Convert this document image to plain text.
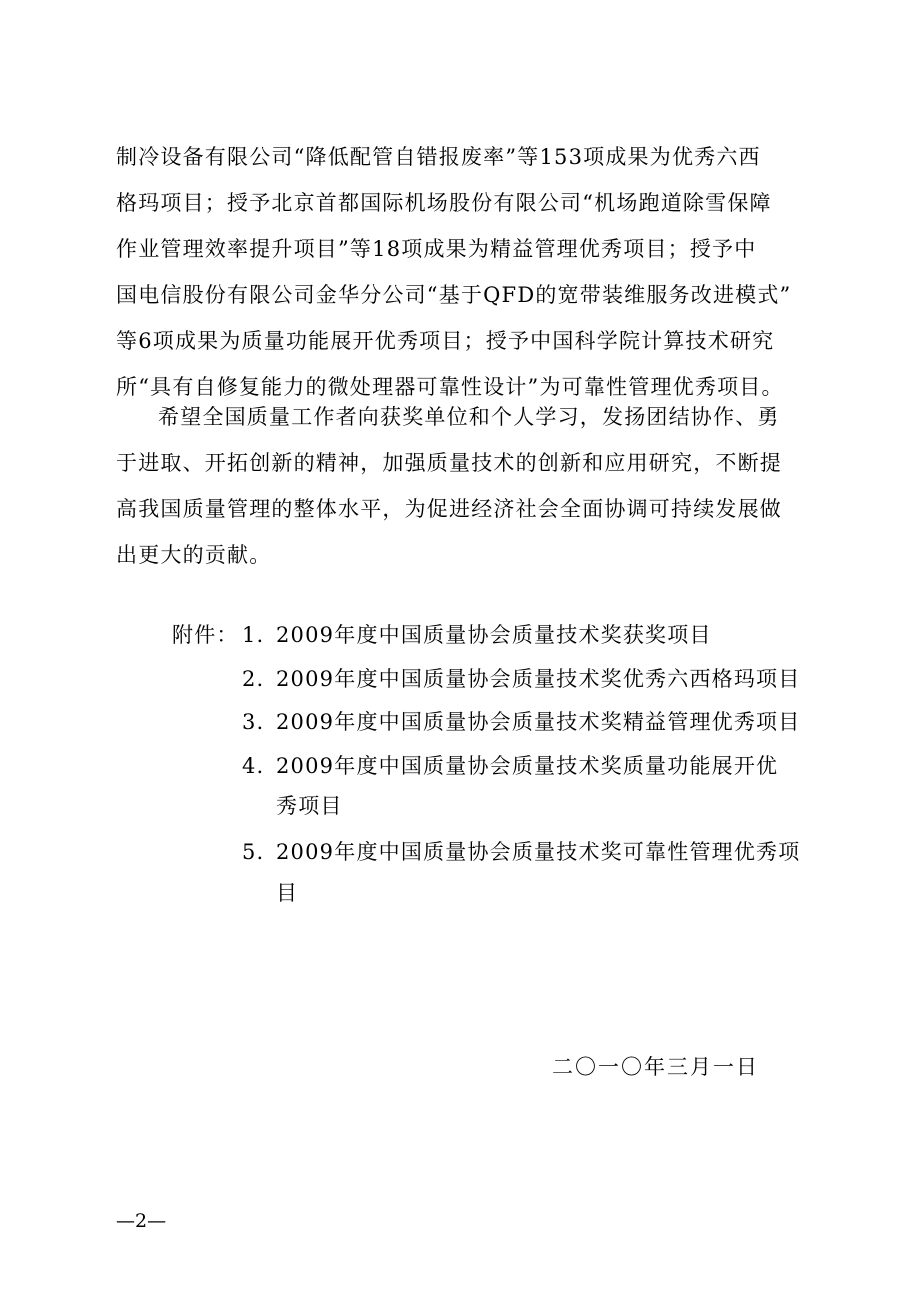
制冷设备有限公司“降低配管自错报废率”等153项成果为优秀六西
格玛项目；授予北京首都国际机场股份有限公司“机场跑道除雪保障
作业管理效率提升项目”等18项成果为精益管理优秀项目；授予中
国电信股份有限公司金华分公司“基于QFD的宽带装维服务改进模式”
等6项成果为质量功能展开优秀项目；授予中国科学院计算技术研究
所“具有自修复能力的微处理器可靠性设计”为可靠性管理优秀项目。
希望全国质量工作者向获奖单位和个人学习，发扬团结协作、勇
于进取、开拓创新的精神，加强质量技术的创新和应用研究，不断提
高我国质量管理的整体水平，为促进经济社会全面协调可持续发展做
出更大的贡献。
附件： 1. 2009年度中国质量协会质量技术奖获奖项目
2. 2009年度中国质量协会质量技术奖优秀六西格玛项目
3. 2009年度中国质量协会质量技术奖精益管理优秀项目
4. 2009年度中国质量协会质量技术奖质量功能展开优
秀项目
5. 2009年度中国质量协会质量技术奖可靠性管理优秀项
目
二〇一〇年三月一日
—2—
